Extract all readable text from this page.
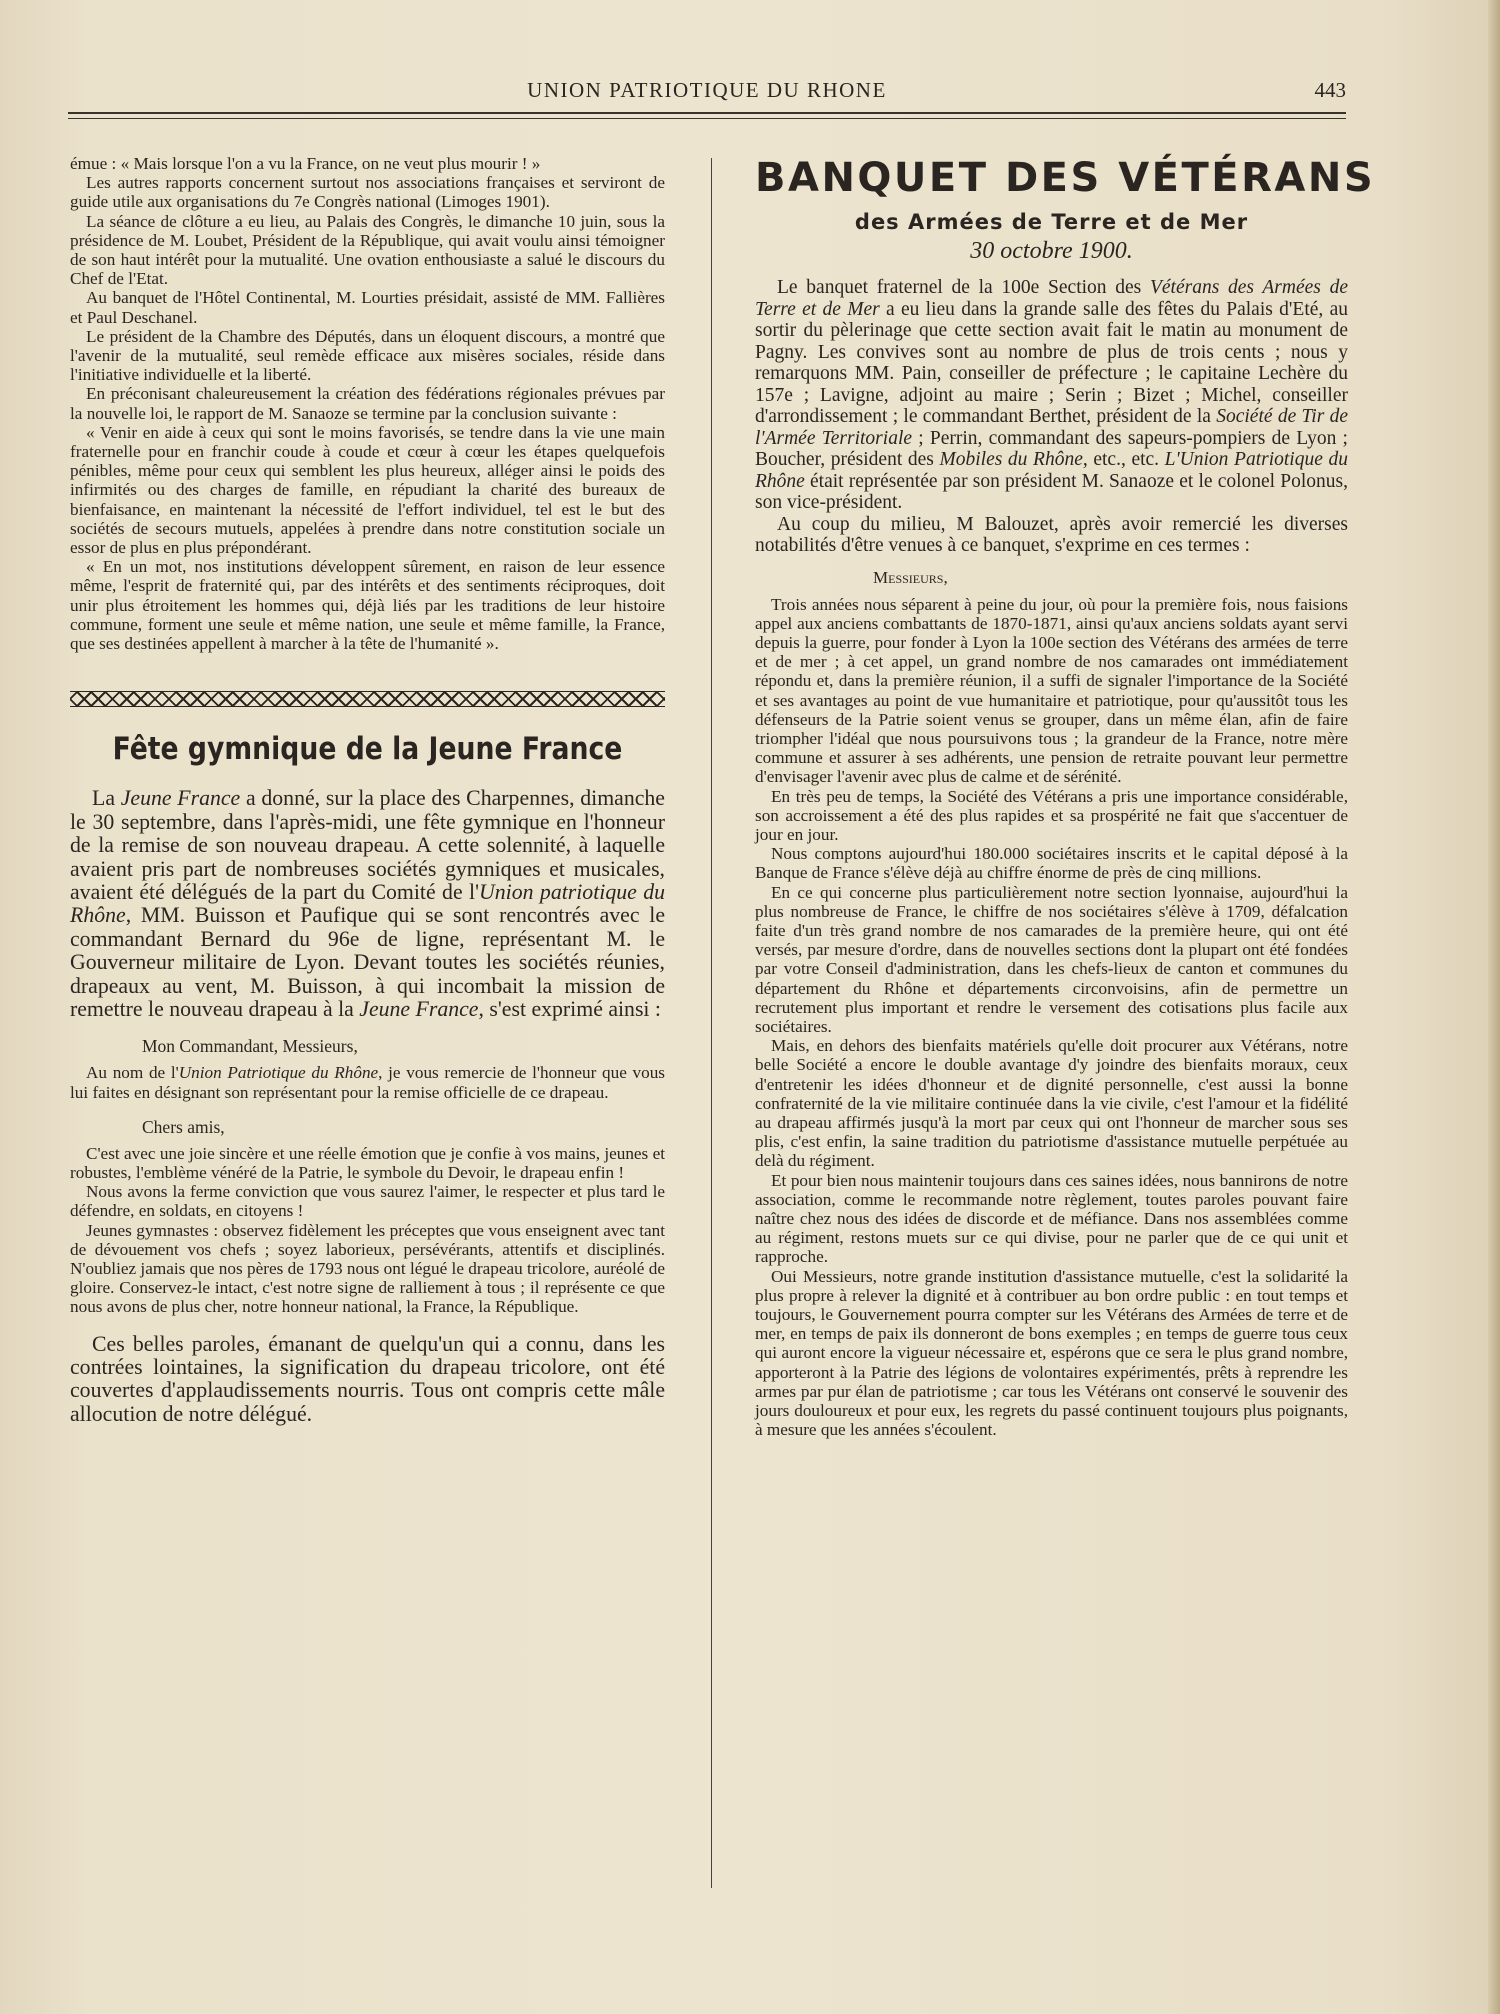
UNION PATRIOTIQUE DU RHONE	443

émue : « Mais lorsque l'on a vu la France, on ne veut plus mourir ! »

Les autres rapports concernent surtout nos associations françaises et serviront de guide utile aux organisations du 7e Congrès national (Limoges 1901).

La séance de clôture a eu lieu, au Palais des Congrès, le dimanche 10 juin, sous la présidence de M. Loubet, Président de la République, qui avait voulu ainsi témoigner de son haut intérêt pour la mutualité. Une ovation enthousiaste a salué le discours du Chef de l'Etat.

Au banquet de l'Hôtel Continental, M. Lourties présidait, assisté de MM. Fallières et Paul Deschanel.

Le président de la Chambre des Députés, dans un éloquent discours, a montré que l'avenir de la mutualité, seul remède efficace aux misères sociales, réside dans l'initiative individuelle et la liberté.

En préconisant chaleureusement la création des fédérations régionales prévues par la nouvelle loi, le rapport de M. Sanaoze se termine par la conclusion suivante :

« Venir en aide à ceux qui sont le moins favorisés, se tendre dans la vie une main fraternelle pour en franchir coude à coude et cœur à cœur les étapes quelquefois pénibles, même pour ceux qui semblent les plus heureux, alléger ainsi le poids des infirmités ou des charges de famille, en répudiant la charité des bureaux de bienfaisance, en maintenant la nécessité de l'effort individuel, tel est le but des sociétés de secours mutuels, appelées à prendre dans notre constitution sociale un essor de plus en plus prépondérant.

« En un mot, nos institutions développent sûrement, en raison de leur essence même, l'esprit de fraternité qui, par des intérêts et des sentiments réciproques, doit unir plus étroitement les hommes qui, déjà liés par les traditions de leur histoire commune, forment une seule et même nation, une seule et même famille, la France, que ses destinées appellent à marcher à la tête de l'humanité ».

Fête gymnique de la Jeune France

La Jeune France a donné, sur la place des Charpennes, dimanche le 30 septembre, dans l'après-midi, une fête gymnique en l'honneur de la remise de son nouveau drapeau. A cette solennité, à laquelle avaient pris part de nombreuses sociétés gymniques et musicales, avaient été délégués de la part du Comité de l'Union patriotique du Rhône, MM. Buisson et Paufique qui se sont rencontrés avec le commandant Bernard du 96e de ligne, représentant M. le Gouverneur militaire de Lyon. Devant toutes les sociétés réunies, drapeaux au vent, M. Buisson, à qui incombait la mission de remettre le nouveau drapeau à la Jeune France, s'est exprimé ainsi :

Mon Commandant, Messieurs,

Au nom de l'Union Patriotique du Rhône, je vous remercie de l'honneur que vous lui faites en désignant son représentant pour la remise officielle de ce drapeau.

Chers amis,

C'est avec une joie sincère et une réelle émotion que je confie à vos mains, jeunes et robustes, l'emblème vénéré de la Patrie, le symbole du Devoir, le drapeau enfin !

Nous avons la ferme conviction que vous saurez l'aimer, le respecter et plus tard le défendre, en soldats, en citoyens !

Jeunes gymnastes : observez fidèlement les préceptes que vous enseignent avec tant de dévouement vos chefs ; soyez laborieux, persévérants, attentifs et disciplinés. N'oubliez jamais que nos pères de 1793 nous ont légué le drapeau tricolore, auréolé de gloire. Conservez-le intact, c'est notre signe de ralliement à tous ; il représente ce que nous avons de plus cher, notre honneur national, la France, la République.

Ces belles paroles, émanant de quelqu'un qui a connu, dans les contrées lointaines, la signification du drapeau tricolore, ont été couvertes d'applaudissements nourris. Tous ont compris cette mâle allocution de notre délégué.

BANQUET DES VÉTÉRANS
des Armées de Terre et de Mer
30 octobre 1900.

Le banquet fraternel de la 100e Section des Vétérans des Armées de Terre et de Mer a eu lieu dans la grande salle des fêtes du Palais d'Eté, au sortir du pèlerinage que cette section avait fait le matin au monument de Pagny. Les convives sont au nombre de plus de trois cents ; nous y remarquons MM. Pain, conseiller de préfecture ; le capitaine Lechère du 157e ; Lavigne, adjoint au maire ; Serin ; Bizet ; Michel, conseiller d'arrondissement ; le commandant Berthet, président de la Société de Tir de l'Armée Territoriale ; Perrin, commandant des sapeurs-pompiers de Lyon ; Boucher, président des Mobiles du Rhône, etc., etc. L'Union Patriotique du Rhône était représentée par son président M. Sanaoze et le colonel Polonus, son vice-président.

Au coup du milieu, M Balouzet, après avoir remercié les diverses notabilités d'être venues à ce banquet, s'exprime en ces termes :

Messieurs,

Trois années nous séparent à peine du jour, où pour la première fois, nous faisions appel aux anciens combattants de 1870-1871, ainsi qu'aux anciens soldats ayant servi depuis la guerre, pour fonder à Lyon la 100e section des Vétérans des armées de terre et de mer ; à cet appel, un grand nombre de nos camarades ont immédiatement répondu et, dans la première réunion, il a suffi de signaler l'importance de la Société et ses avantages au point de vue humanitaire et patriotique, pour qu'aussitôt tous les défenseurs de la Patrie soient venus se grouper, dans un même élan, afin de faire triompher l'idéal que nous poursuivons tous ; la grandeur de la France, notre mère commune et assurer à ses adhérents, une pension de retraite pouvant leur permettre d'envisager l'avenir avec plus de calme et de sérénité.

En très peu de temps, la Société des Vétérans a pris une importance considérable, son accroissement a été des plus rapides et sa prospérité ne fait que s'accentuer de jour en jour.

Nous comptons aujourd'hui 180.000 sociétaires inscrits et le capital déposé à la Banque de France s'élève déjà au chiffre énorme de près de cinq millions.

En ce qui concerne plus particulièrement notre section lyonnaise, aujourd'hui la plus nombreuse de France, le chiffre de nos sociétaires s'élève à 1709, défalcation faite d'un très grand nombre de nos camarades de la première heure, qui ont été versés, par mesure d'ordre, dans de nouvelles sections dont la plupart ont été fondées par votre Conseil d'administration, dans les chefs-lieux de canton et communes du département du Rhône et départements circonvoisins, afin de permettre un recrutement plus important et rendre le versement des cotisations plus facile aux sociétaires.

Mais, en dehors des bienfaits matériels qu'elle doit procurer aux Vétérans, notre belle Société a encore le double avantage d'y joindre des bienfaits moraux, ceux d'entretenir les idées d'honneur et de dignité personnelle, c'est aussi la bonne confraternité de la vie militaire continuée dans la vie civile, c'est l'amour et la fidélité au drapeau affirmés jusqu'à la mort par ceux qui ont l'honneur de marcher sous ses plis, c'est enfin, la saine tradition du patriotisme d'assistance mutuelle perpétuée au delà du régiment.

Et pour bien nous maintenir toujours dans ces saines idées, nous bannirons de notre association, comme le recommande notre règlement, toutes paroles pouvant faire naître chez nous des idées de discorde et de méfiance. Dans nos assemblées comme au régiment, restons muets sur ce qui divise, pour ne parler que de ce qui unit et rapproche.

Oui Messieurs, notre grande institution d'assistance mutuelle, c'est la solidarité la plus propre à relever la dignité et à contribuer au bon ordre public : en tout temps et toujours, le Gouvernement pourra compter sur les Vétérans des Armées de terre et de mer, en temps de paix ils donneront de bons exemples ; en temps de guerre tous ceux qui auront encore la vigueur nécessaire et, espérons que ce sera le plus grand nombre, apporteront à la Patrie des légions de volontaires expérimentés, prêts à reprendre les armes par pur élan de patriotisme ; car tous les Vétérans ont conservé le souvenir des jours douloureux et pour eux, les regrets du passé continuent toujours plus poignants, à mesure que les années s'écoulent.
